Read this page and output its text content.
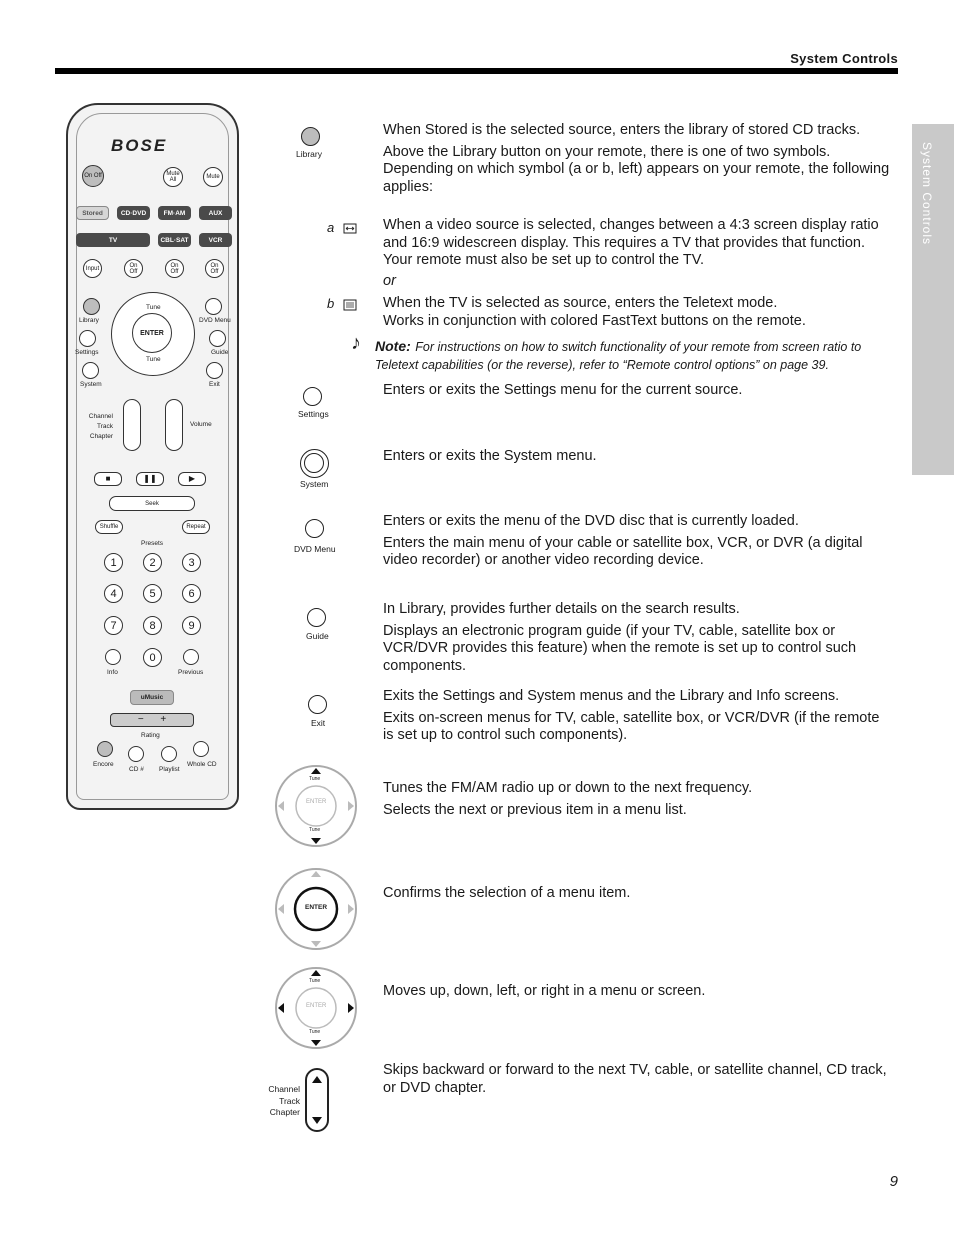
System Controls
System Controls
BOSE
On Off	Mute All	Mute
Stored	CD·DVD	FM·AM	AUX
TV	CBL·SAT	VCR
Input	On Off
On Off
On Off
Library	DVD Menu
Settings	Guide
System	Exit
ENTER
Tune
Tune
Channel Track Chapter
Volume
■	❚❚	▶
Seek
Shuffle	Repeat
Presets
1	2	3
4	5	6
7	8	9
0
Info	Previous
uMusic
−      +
Rating
Encore
CD # Playlist
Whole CD
Library

When Stored is the selected source, enters the library of stored CD tracks.

Above the Library button on your remote, there is one of two symbols. Depending on which symbol (a or b, left) appears on your remote, the following applies:

a	When a video source is selected, changes between a 4:3 screen display ratio and 16:9 widescreen display. This requires a TV that provides that function. Your remote must also be set up to control the TV.
or
b	When the TV is selected as source, enters the Teletext mode.
Works in conjunction with colored FastText buttons on the remote.
♪	Note: For instructions on how to switch functionality of your remote from screen ratio to Teletext capabilities (or the reverse), refer to “Remote control options” on page 39.
Settings
Enters or exits the Settings menu for the current source.
System
Enters or exits the System menu.
DVD Menu

Enters or exits the menu of the DVD disc that is currently loaded.

Enters the main menu of your cable or satellite box, VCR, or DVR (a digital video recorder) or another video recording device.

Guide

In Library, provides further details on the search results.

Displays an electronic program guide (if your TV, cable, satellite box or VCR/DVR provides this feature) when the remote is set up to control such components.

Exit

Exits the Settings and System menus and the Library and Info screens.

Exits on-screen menus for TV, cable, satellite box, or VCR/DVR (if the remote is set up to control such components).

ENTER
Tune
Tune

Tunes the FM/AM radio up or down to the next frequency.

Selects the next or previous item in a menu list.

ENTER
Confirms the selection of a menu item.
ENTER
Tune
Tune
Moves up, down, left, or right in a menu or screen.
Channel Track Chapter
Skips backward or forward to the next TV, cable, or satellite channel, CD track, or DVD chapter.
9
